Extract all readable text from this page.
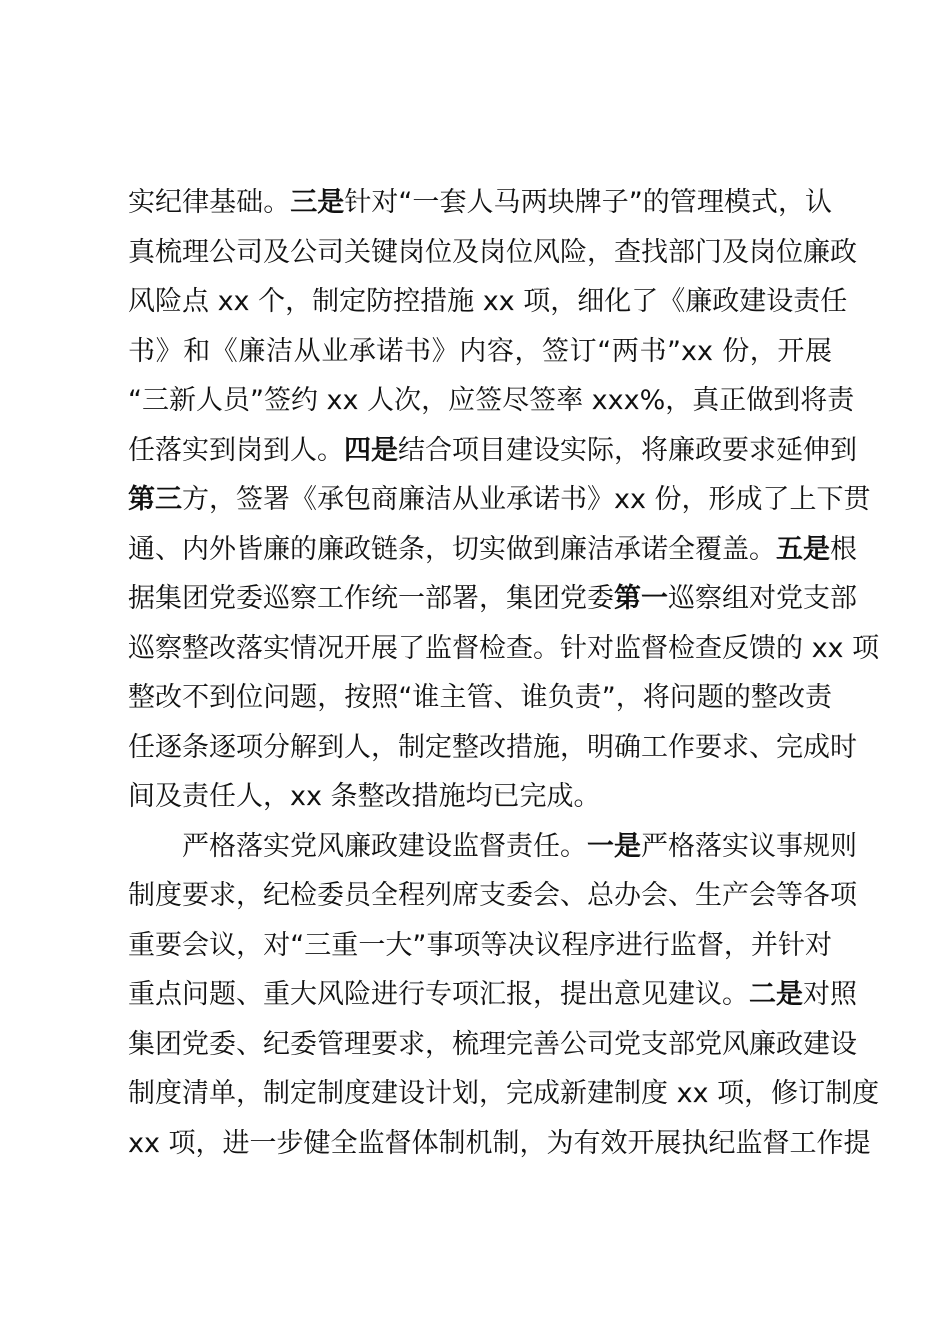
实纪律基础。三是针对“一套人马两块牌子”的管理模式，认
真梳理公司及公司关键岗位及岗位风险，查找部门及岗位廉政
风险点 xx 个，制定防控措施 xx 项，细化了《廉政建设责任
书》和《廉洁从业承诺书》内容，签订“两书”xx 份，开展
“三新人员”签约 xx 人次，应签尽签率 xxx%，真正做到将责
任落实到岗到人。四是结合项目建设实际，将廉政要求延伸到
第三方，签署《承包商廉洁从业承诺书》xx 份，形成了上下贯
通、内外皆廉的廉政链条，切实做到廉洁承诺全覆盖。五是根
据集团党委巡察工作统一部署，集团党委第一巡察组对党支部
巡察整改落实情况开展了监督检查。针对监督检查反馈的 xx 项
整改不到位问题，按照“谁主管、谁负责”，将问题的整改责
任逐条逐项分解到人，制定整改措施，明确工作要求、完成时
间及责任人，xx 条整改措施均已完成。
严格落实党风廉政建设监督责任。一是严格落实议事规则
制度要求，纪检委员全程列席支委会、总办会、生产会等各项
重要会议，对“三重一大”事项等决议程序进行监督，并针对
重点问题、重大风险进行专项汇报，提出意见建议。二是对照
集团党委、纪委管理要求，梳理完善公司党支部党风廉政建设
制度清单，制定制度建设计划，完成新建制度 xx 项，修订制度
xx 项，进一步健全监督体制机制，为有效开展执纪监督工作提
